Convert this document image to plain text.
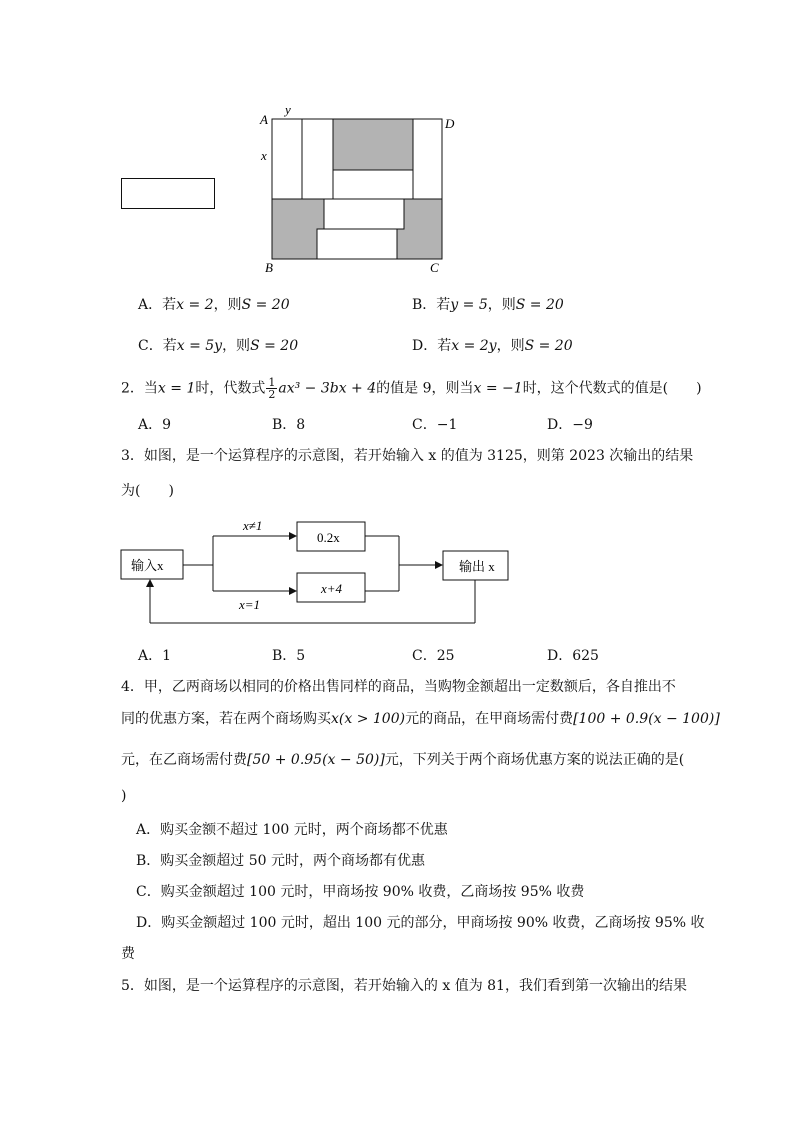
A
y
D
x
B	C
A．若x = 2，则S = 20	B．若y = 5，则S = 20
C．若x = 5y，则S = 20	D．若x = 2y，则S = 20
2．当x = 1时，代数式 $\frac{1}{2} ax^3 - 3bx + 4$的值是 9，则当x = −1时，这个代数式的值是(　　)
A．9	B．8	C．−1	D．−9
3．如图，是一个运算程序的示意图，若开始输入 x 的值为 3125，则第 2023 次输出的结果
为(　　)
输入x
x≠1
0.2x
x=1
x+4
输出 x
A．1	B．5	C．25	D．625
4．甲，乙两商场以相同的价格出售同样的商品，当购物金额超出一定数额后，各自推出不
同的优惠方案，若在两个商场购买x(x > 100)元的商品，在甲商场需付费[100 + 0.9(x − 100)]
元，在乙商场需付费[50 + 0.95(x − 50)]元，下列关于两个商场优惠方案的说法正确的是(
)
A．购买金额不超过 100 元时，两个商场都不优惠
B．购买金额超过 50 元时，两个商场都有优惠
C．购买金额超过 100 元时，甲商场按 90% 收费，乙商场按 95% 收费
D．购买金额超过 100 元时，超出 100 元的部分，甲商场按 90% 收费，乙商场按 95% 收
费
5．如图，是一个运算程序的示意图，若开始输入的 x 值为 81，我们看到第一次输出的结果
